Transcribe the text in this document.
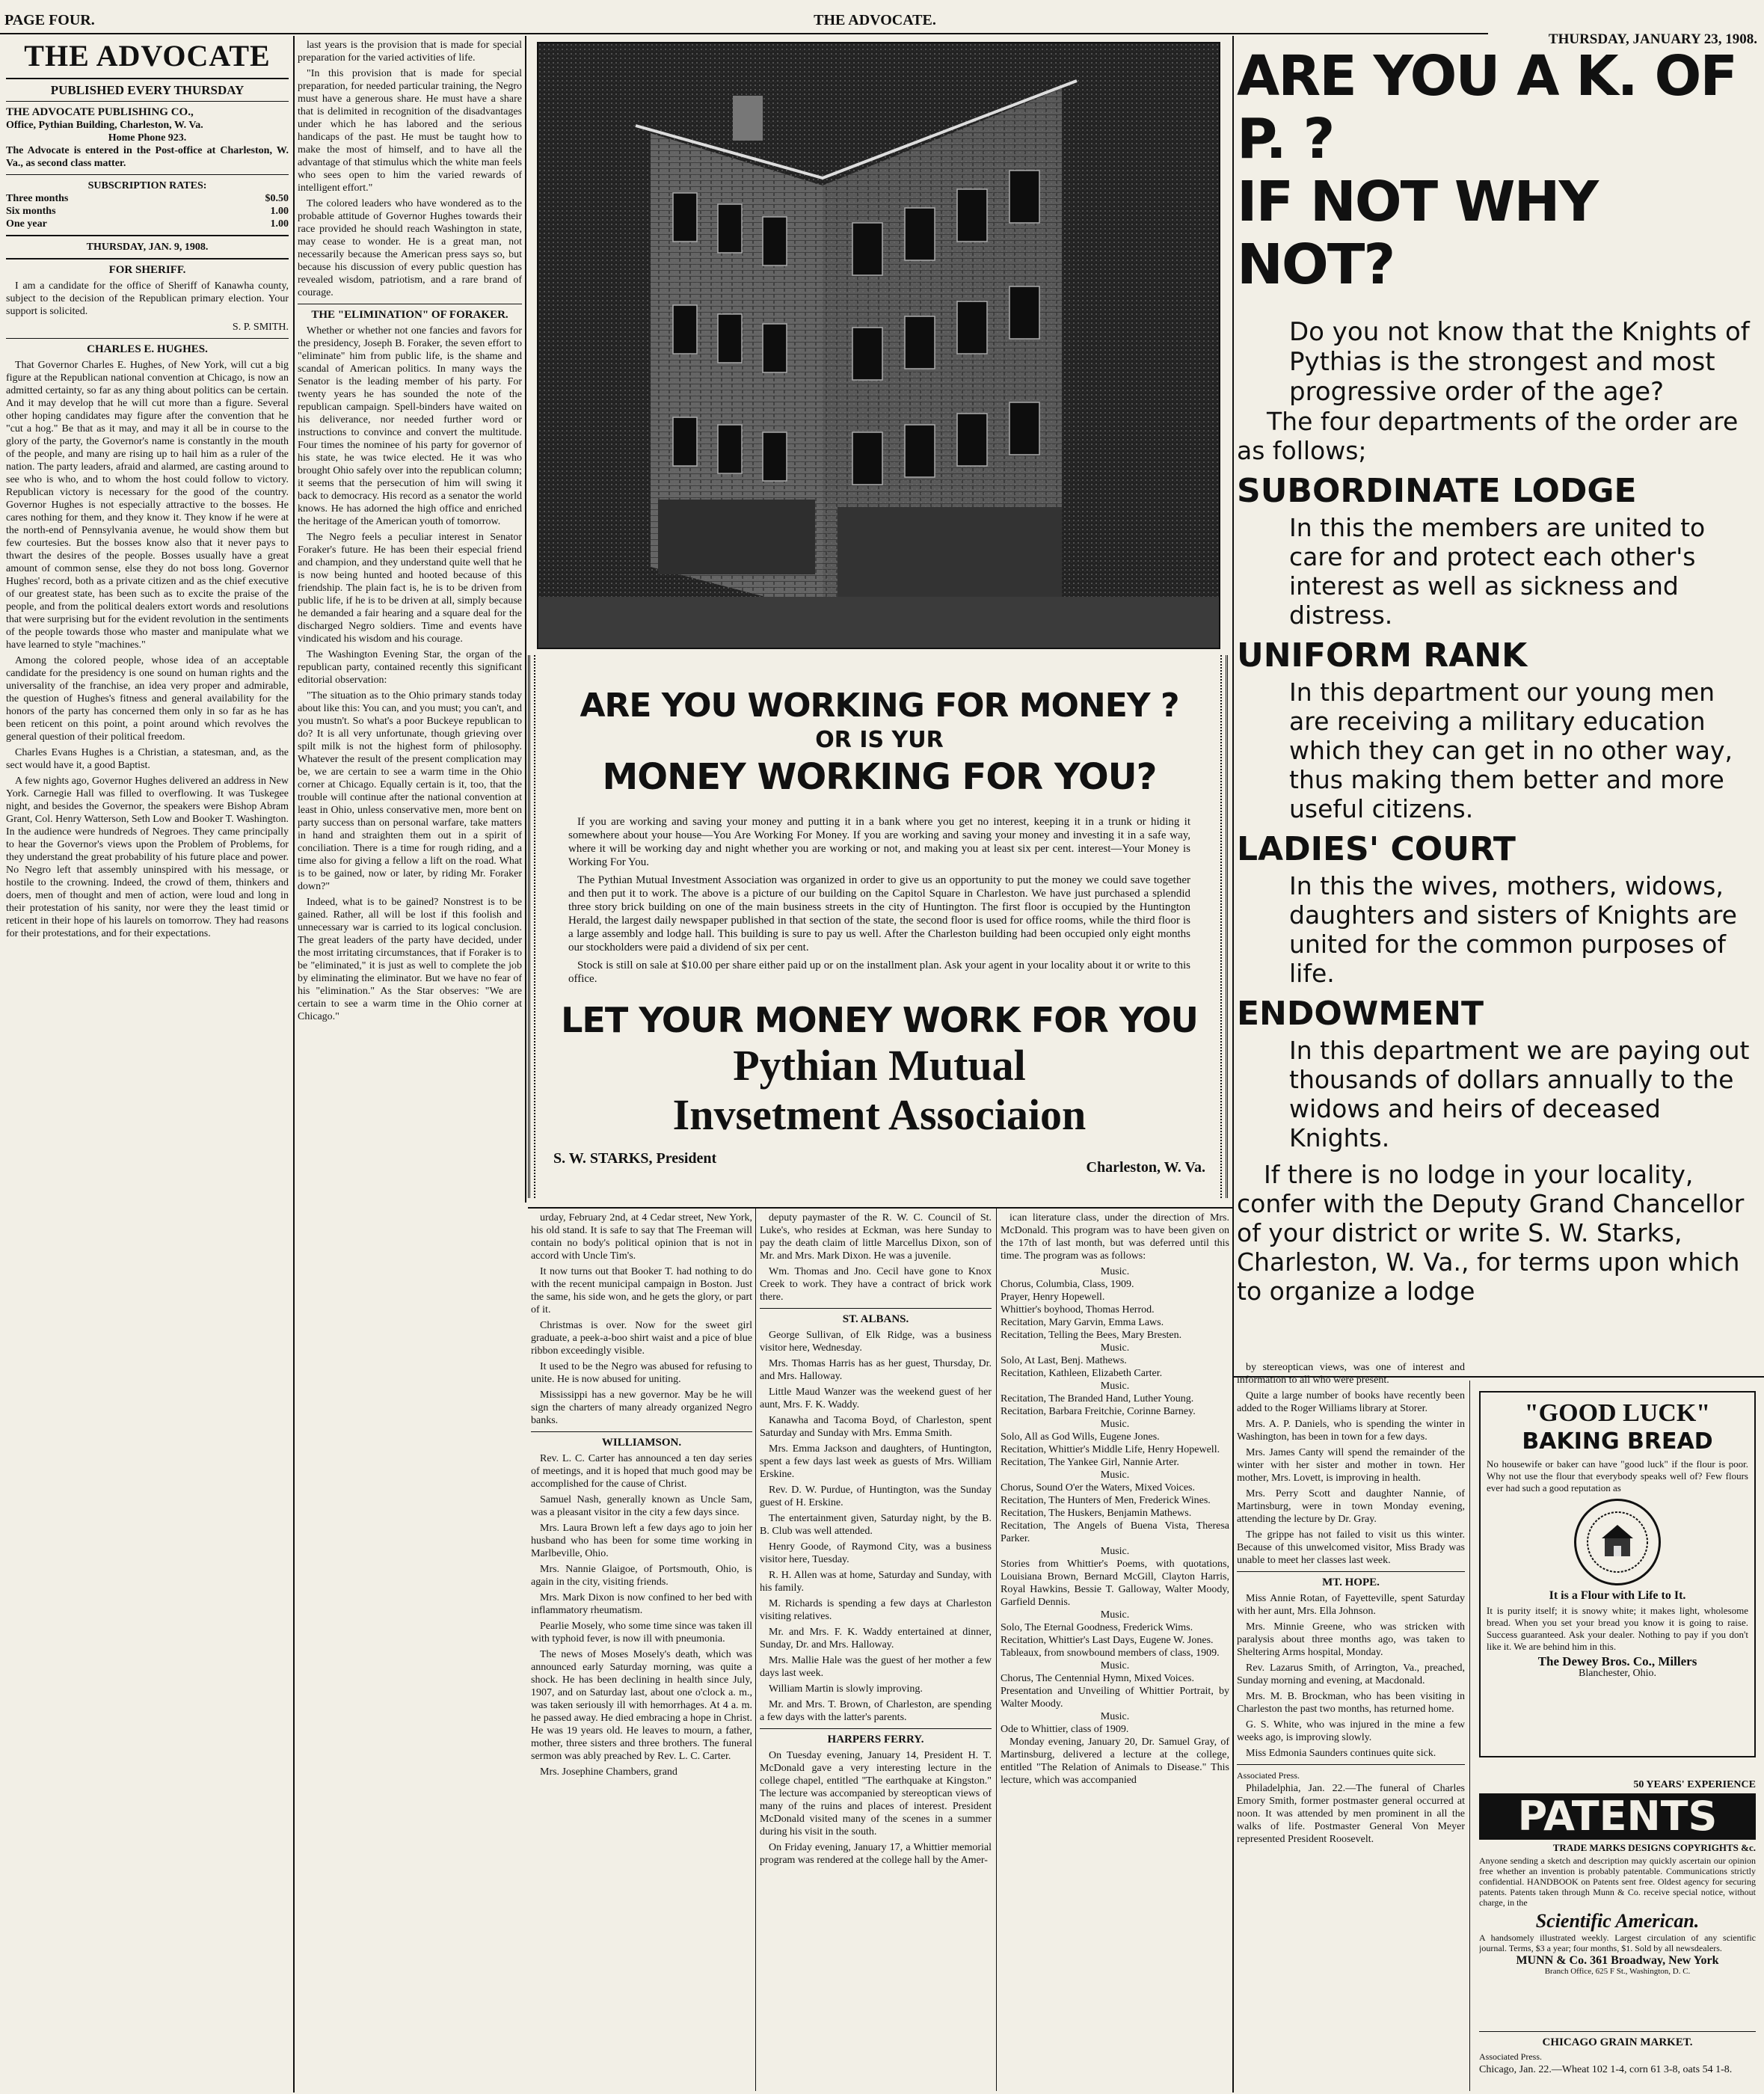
PAGE FOUR.	THE ADVOCATE.
THURSDAY, JANUARY 23, 1908.
THE ADVOCATE
PUBLISHED EVERY THURSDAY
THE ADVOCATE PUBLISHING CO.,
Office, Pythian Building, Charleston, W. Va.
Home Phone 923.
The Advocate is entered in the Post-office at Charleston, W. Va., as second class matter.
SUBSCRIPTION RATES:
Three months	$0.50
Six months	1.00
One year	1.00
THURSDAY, JAN. 9, 1908.
FOR SHERIFF.

I am a candidate for the office of Sheriff of Kanawha county, subject to the decision of the Republican primary election. Your support is solicited.

S. P. SMITH.
CHARLES E. HUGHES.

That Governor Charles E. Hughes, of New York, will cut a big figure at the Republican national convention at Chicago, is now an admitted certainty, so far as any thing about politics can be certain. And it may develop that he will cut more than a figure. Several other hoping candidates may figure after the convention that he "cut a hog." Be that as it may, and may it all be in course to the glory of the party, the Governor's name is constantly in the mouth of the people, and many are rising up to hail him as a ruler of the nation. The party leaders, afraid and alarmed, are casting around to see who is who, and to whom the host could follow to victory. Republican victory is necessary for the good of the country. Governor Hughes is not especially attractive to the bosses. He cares nothing for them, and they know it. They know if he were at the north-end of Pennsylvania avenue, he would show them but few courtesies. But the bosses know also that it never pays to thwart the desires of the people. Bosses usually have a great amount of common sense, else they do not boss long. Governor Hughes' record, both as a private citizen and as the chief executive of our greatest state, has been such as to excite the praise of the people, and from the political dealers extort words and resolutions that were surprising but for the evident revolution in the sentiments of the people towards those who master and manipulate what we have learned to style "machines."

Among the colored people, whose idea of an acceptable candidate for the presidency is one sound on human rights and the universality of the franchise, an idea very proper and admirable, the question of Hughes's fitness and general availability for the honors of the party has concerned them only in so far as he has been reticent on this point, a point around which revolves the general question of their political freedom.

Charles Evans Hughes is a Christian, a statesman, and, as the sect would have it, a good Baptist.

A few nights ago, Governor Hughes delivered an address in New York. Carnegie Hall was filled to overflowing. It was Tuskegee night, and besides the Governor, the speakers were Bishop Abram Grant, Col. Henry Watterson, Seth Low and Booker T. Washington. In the audience were hundreds of Negroes. They came principally to hear the Governor's views upon the Problem of Problems, for they understand the great probability of his future place and power. No Negro left that assembly uninspired with his message, or hostile to the crowning. Indeed, the crowd of them, thinkers and doers, men of thought and men of action, were loud and long in their protestation of his sanity, nor were they the least timid or reticent in their hope of his laurels on tomorrow. They had reasons for their protestations, and for their expectations.

last years is the provision that is made for special preparation for the varied activities of life.

"In this provision that is made for special preparation, for needed particular training, the Negro must have a generous share. He must have a share that is delimited in recognition of the disadvantages under which he has labored and the serious handicaps of the past. He must be taught how to make the most of himself, and to have all the advantage of that stimulus which the white man feels who sees open to him the varied rewards of intelligent effort."

The colored leaders who have wondered as to the probable attitude of Governor Hughes towards their race provided he should reach Washington in state, may cease to wonder. He is a great man, not necessarily because the American press says so, but because his discussion of every public question has revealed wisdom, patriotism, and a rare brand of courage.

THE "ELIMINATION" OF FORAKER.

Whether or whether not one fancies and favors for the presidency, Joseph B. Foraker, the seven effort to "eliminate" him from public life, is the shame and scandal of American politics. In many ways the Senator is the leading member of his party. For twenty years he has sounded the note of the republican campaign. Spell-binders have waited on his deliverance, nor needed further word or instructions to convince and convert the multitude. Four times the nominee of his party for governor of his state, he was twice elected. He it was who brought Ohio safely over into the republican column; it seems that the persecution of him will swing it back to democracy. His record as a senator the world knows. He has adorned the high office and enriched the heritage of the American youth of tomorrow.

The Negro feels a peculiar interest in Senator Foraker's future. He has been their especial friend and champion, and they understand quite well that he is now being hunted and hooted because of this friendship. The plain fact is, he is to be driven from public life, if he is to be driven at all, simply because he demanded a fair hearing and a square deal for the discharged Negro soldiers. Time and events have vindicated his wisdom and his courage.

The Washington Evening Star, the organ of the republican party, contained recently this significant editorial observation:

"The situation as to the Ohio primary stands today about like this: You can, and you must; you can't, and you mustn't. So what's a poor Buckeye republican to do? It is all very unfortunate, though grieving over spilt milk is not the highest form of philosophy. Whatever the result of the present complication may be, we are certain to see a warm time in the Ohio corner at Chicago. Equally certain is it, too, that the trouble will continue after the national convention at least in Ohio, unless conservative men, more bent on party success than on personal warfare, take matters in hand and straighten them out in a spirit of conciliation. There is a time for rough riding, and a time also for giving a fellow a lift on the road. What is to be gained, now or later, by riding Mr. Foraker down?"

Indeed, what is to be gained? Nonstrest is to be gained. Rather, all will be lost if this foolish and unnecessary war is carried to its logical conclusion. The great leaders of the party have decided, under the most irritating circumstances, that if Foraker is to be "eliminated," it is just as well to complete the job by eliminating the eliminator. But we have no fear of his "elimination." As the Star observes: "We are certain to see a warm time in the Ohio corner at Chicago."

ARE YOU WORKING FOR MONEY ?
OR IS YUR
MONEY WORKING FOR YOU?

If you are working and saving your money and putting it in a bank where you get no interest, keeping it in a trunk or hiding it somewhere about your house—You Are Working For Money. If you are working and saving your money and investing it in a safe way, where it will be working day and night whether you are working or not, and making you at least six per cent. interest—Your Money is Working For You.

The Pythian Mutual Investment Association was organized in order to give us an opportunity to put the money we could save together and then put it to work. The above is a picture of our building on the Capitol Square in Charleston. We have just purchased a splendid three story brick building on one of the main business streets in the city of Huntington. The first floor is occupied by the Huntington Herald, the largest daily newspaper published in that section of the state, the second floor is used for office rooms, while the third floor is a large assembly and lodge hall. This building is sure to pay us well. After the Charleston building had been occupied only eight months our stockholders were paid a dividend of six per cent.

Stock is still on sale at $10.00 per share either paid up or on the installment plan. Ask your agent in your locality about it or write to this office.

LET YOUR MONEY WORK FOR YOU
Pythian Mutual
Invsetment Associaion
S. W. STARKS, President
Charleston, W. Va.
ARE YOU A K. OF P. ?
IF NOT WHY NOT?
Do you not know that the Knights of Pythias is the strongest and most progressive order of the age?
The four departments of the order are as follows;
SUBORDINATE LODGE
In this the members are united to care for and protect each other's interest as well as sickness and distress.
UNIFORM RANK
In this department our young men are receiving a military education which they can get in no other way, thus making them better and more useful citizens.
LADIES' COURT
In this the wives, mothers, widows, daughters and sisters of Knights are united for the common purposes of life.
ENDOWMENT
In this department we are paying out thousands of dollars annually to the widows and heirs of deceased Knights.
If there is no lodge in your locality, confer with the Deputy Grand Chancellor of your district or write S. W. Starks, Charleston, W. Va., for terms upon which to organize a lodge

urday, February 2nd, at 4 Cedar street, New York, his old stand. It is safe to say that The Freeman will contain no body's political opinion that is not in accord with Uncle Tim's.

It now turns out that Booker T. had nothing to do with the recent municipal campaign in Boston. Just the same, his side won, and he gets the glory, or part of it.

Christmas is over. Now for the sweet girl graduate, a peek-a-boo shirt waist and a pice of blue ribbon exceedingly visible.

It used to be the Negro was abused for refusing to unite. He is now abused for uniting.

Mississippi has a new governor. May be he will sign the charters of many already organized Negro banks.

WILLIAMSON.

Rev. L. C. Carter has announced a ten day series of meetings, and it is hoped that much good may be accomplished for the cause of Christ.

Samuel Nash, generally known as Uncle Sam, was a pleasant visitor in the city a few days since.

Mrs. Laura Brown left a few days ago to join her husband who has been for some time working in Marlbeville, Ohio.

Mrs. Nannie Glaigoe, of Portsmouth, Ohio, is again in the city, visiting friends.

Mrs. Mark Dixon is now confined to her bed with inflammatory rheumatism.

Pearlie Mosely, who some time since was taken ill with typhoid fever, is now ill with pneumonia.

The news of Moses Mosely's death, which was announced early Saturday morning, was quite a shock. He has been declining in health since July, 1907, and on Saturday last, about one o'clock a. m., was taken seriously ill with hemorrhages. At 4 a. m. he passed away. He died embracing a hope in Christ. He was 19 years old. He leaves to mourn, a father, mother, three sisters and three brothers. The funeral sermon was ably preached by Rev. L. C. Carter.

Mrs. Josephine Chambers, grand

deputy paymaster of the R. W. C. Council of St. Luke's, who resides at Eckman, was here Sunday to pay the death claim of little Marcellus Dixon, son of Mr. and Mrs. Mark Dixon. He was a juvenile.

Wm. Thomas and Jno. Cecil have gone to Knox Creek to work. They have a contract of brick work there.

ST. ALBANS.

George Sullivan, of Elk Ridge, was a business visitor here, Wednesday.

Mrs. Thomas Harris has as her guest, Thursday, Dr. and Mrs. Halloway.

Little Maud Wanzer was the weekend guest of her aunt, Mrs. F. K. Waddy.

Kanawha and Tacoma Boyd, of Charleston, spent Saturday and Sunday with Mrs. Emma Smith.

Mrs. Emma Jackson and daughters, of Huntington, spent a few days last week as guests of Mrs. William Erskine.

Rev. D. W. Purdue, of Huntington, was the Sunday guest of H. Erskine.

The entertainment given, Saturday night, by the B. B. Club was well attended.

Henry Goode, of Raymond City, was a business visitor here, Tuesday.

R. H. Allen was at home, Saturday and Sunday, with his family.

M. Richards is spending a few days at Charleston visiting relatives.

Mr. and Mrs. F. K. Waddy entertained at dinner, Sunday, Dr. and Mrs. Halloway.

Mrs. Mallie Hale was the guest of her mother a few days last week.

William Martin is slowly improving.

Mr. and Mrs. T. Brown, of Charleston, are spending a few days with the latter's parents.

HARPERS FERRY.

On Tuesday evening, January 14, President H. T. McDonald gave a very interesting lecture in the college chapel, entitled "The earthquake at Kingston." The lecture was accompanied by stereoptican views of many of the ruins and places of interest. President McDonald visited many of the scenes in a summer during his visit in the south.

On Friday evening, January 17, a Whittier memorial program was rendered at the college hall by the Amer-

ican literature class, under the direction of Mrs. McDonald. This program was to have been given on the 17th of last month, but was deferred until this time. The program was as follows:

Music.
Chorus, Columbia, Class, 1909.
Prayer, Henry Hopewell.
Whittier's boyhood, Thomas Herrod.
Recitation, Mary Garvin, Emma Laws.
Recitation, Telling the Bees, Mary Bresten.
Music.
Solo, At Last, Benj. Mathews.
Recitation, Kathleen, Elizabeth Carter.
Music.
Recitation, The Branded Hand, Luther Young.
Recitation, Barbara Freitchie, Corinne Barney.
Music.
Solo, All as God Wills, Eugene Jones.
Recitation, Whittier's Middle Life, Henry Hopewell.
Recitation, The Yankee Girl, Nannie Arter.
Music.
Chorus, Sound O'er the Waters, Mixed Voices.
Recitation, The Hunters of Men, Frederick Wines.
Recitation, The Huskers, Benjamin Mathews.
Recitation, The Angels of Buena Vista, Theresa Parker.
Music.
Stories from Whittier's Poems, with quotations, Louisiana Brown, Bernard McGill, Clayton Harris, Royal Hawkins, Bessie T. Galloway, Walter Moody, Garfield Dennis.
Music.
Solo, The Eternal Goodness, Frederick Wims.
Recitation, Whittier's Last Days, Eugene W. Jones.
Tableaux, from snowbound members of class, 1909.
Music.
Chorus, The Centennial Hymn, Mixed Voices.
Presentation and Unveiling of Whittier Portrait, by Walter Moody.
Music.
Ode to Whittier, class of 1909.

Monday evening, January 20, Dr. Samuel Gray, of Martinsburg, delivered a lecture at the college, entitled "The Relation of Animals to Disease." This lecture, which was accompanied

by stereoptican views, was one of interest and information to all who were present.

Quite a large number of books have recently been added to the Roger Williams library at Storer.

Mrs. A. P. Daniels, who is spending the winter in Washington, has been in town for a few days.

Mrs. James Canty will spend the remainder of the winter with her sister and mother in town. Her mother, Mrs. Lovett, is improving in health.

Mrs. Perry Scott and daughter Nannie, of Martinsburg, were in town Monday evening, attending the lecture by Dr. Gray.

The grippe has not failed to visit us this winter. Because of this unwelcomed visitor, Miss Brady was unable to meet her classes last week.

MT. HOPE.

Miss Annie Rotan, of Fayetteville, spent Saturday with her aunt, Mrs. Ella Johnson.

Mrs. Minnie Greene, who was stricken with paralysis about three months ago, was taken to Sheltering Arms hospital, Monday.

Rev. Lazarus Smith, of Arrington, Va., preached, Sunday morning and evening, at Macdonald.

Mrs. M. B. Brockman, who has been visiting in Charleston the past two months, has returned home.

G. S. White, who was injured in the mine a few weeks ago, is improving slowly.

Miss Edmonia Saunders continues quite sick.

Associated Press.

Philadelphia, Jan. 22.—The funeral of Charles Emory Smith, former postmaster general occurred at noon. It was attended by men prominent in all the walks of life. Postmaster General Von Meyer represented President Roosevelt.

"GOOD LUCK"
BAKING BREAD
No housewife or baker can have "good luck" if the flour is poor. Why not use the flour that everybody speaks well of? Few flours ever had such a good reputation as
It is a Flour with Life to It.
It is purity itself; it is snowy white; it makes light, wholesome bread. When you set your bread you know it is going to raise. Success guaranteed. Ask your dealer. Nothing to pay if you don't like it. We are behind him in this.
The Dewey Bros. Co., Millers
Blanchester, Ohio.
50 YEARS' EXPERIENCE
PATENTS
TRADE MARKS DESIGNS COPYRIGHTS &c.
Anyone sending a sketch and description may quickly ascertain our opinion free whether an invention is probably patentable. Communications strictly confidential. HANDBOOK on Patents sent free. Oldest agency for securing patents. Patents taken through Munn & Co. receive special notice, without charge, in the
Scientific American.
A handsomely illustrated weekly. Largest circulation of any scientific journal. Terms, $3 a year; four months, $1. Sold by all newsdealers.
MUNN & Co. 361 Broadway, New York
Branch Office, 625 F St., Washington, D. C.
CHICAGO GRAIN MARKET.
Associated Press.
Chicago, Jan. 22.—Wheat 102 1-4, corn 61 3-8, oats 54 1-8.
